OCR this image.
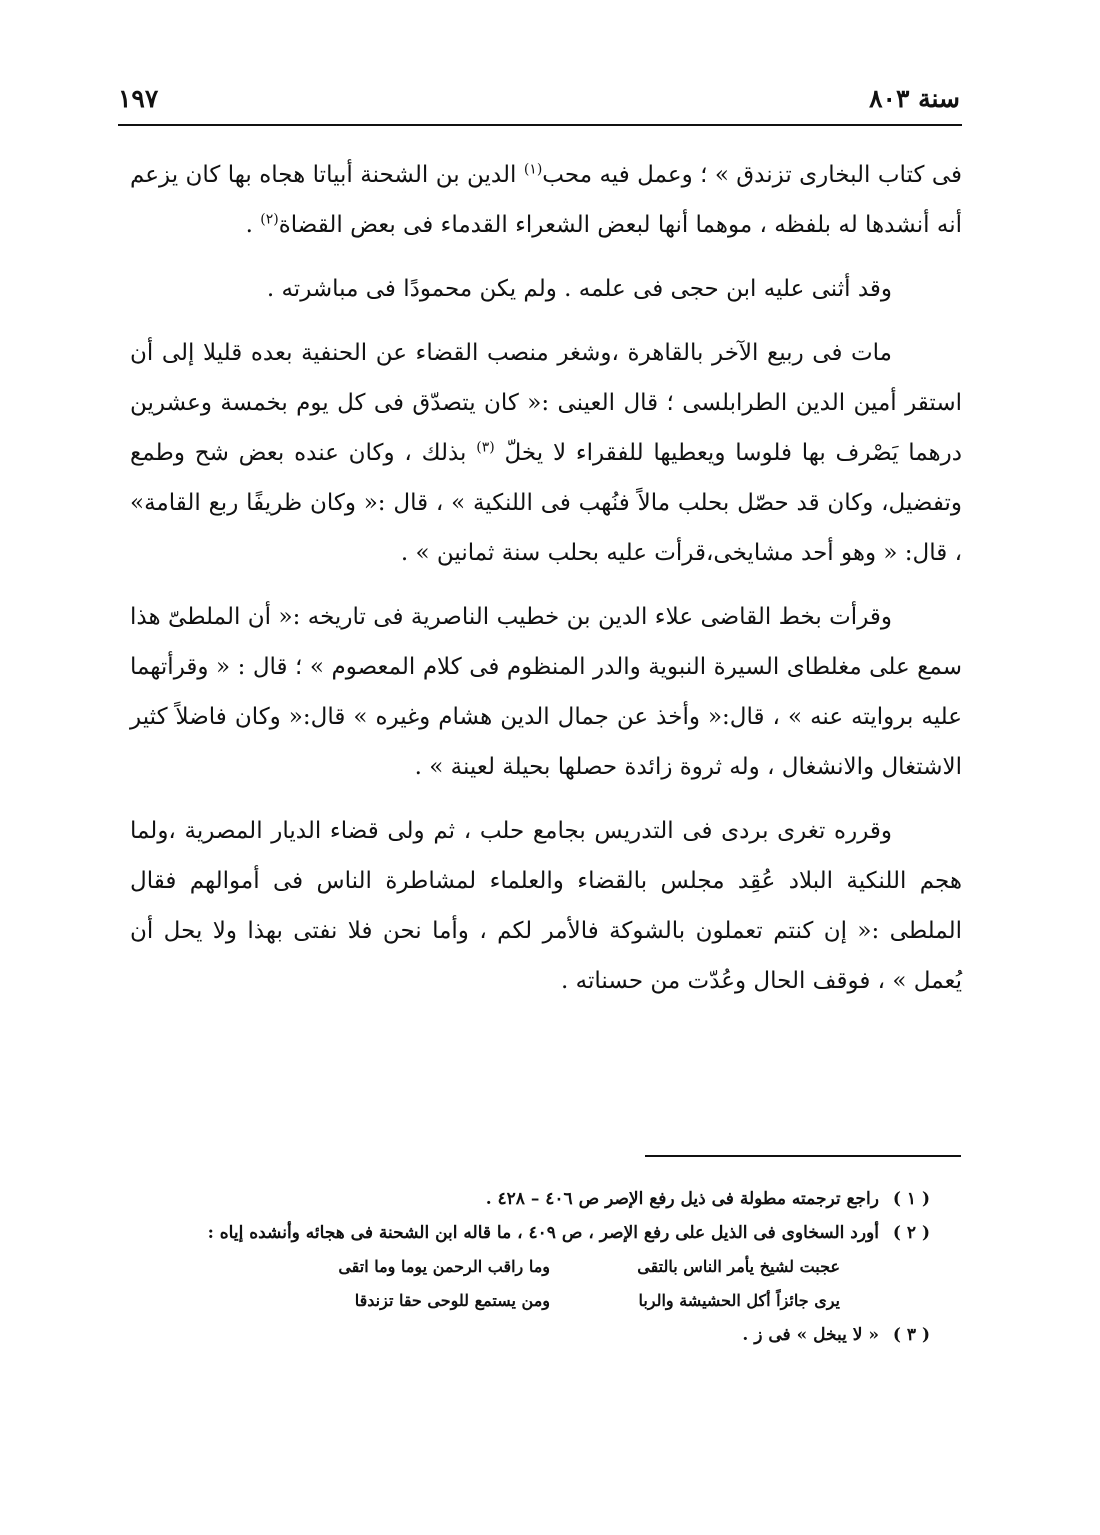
سنة ٨٠٣
١٩٧

فى كتاب البخارى تزندق » ؛ وعمل فيه محب$^{(١)}$ الدين بن الشحنة أبياتا هجاه بها كان يزعم أنه أنشدها له بلفظه ، موهما أنها لبعض الشعراء القدماء فى بعض القضاة$^{(٢)}$ .

وقد أثنى عليه ابن حجى فى علمه . ولم يكن محمودًا فى مباشرته .

مات فى ربيع الآخر بالقاهرة ،وشغر منصب القضاء عن الحنفية بعده قليلا إلى أن استقر أمين الدين الطرابلسى ؛ قال العينى :« كان يتصدّق فى كل يوم بخمسة وعشرين درهما يَصْرف بها فلوسا ويعطيها للفقراء لا يخلّ $^{(٣)}$ بذلك ، وكان عنده بعض شح وطمع وتفضيل، وكان قد حصّل بحلب مالاً فنُهب فى اللنكية » ، قال :« وكان ظريفًا ربع القامة» ، قال: « وهو أحد مشايخى،قرأت عليه بحلب سنة ثمانين » .

وقرأت بخط القاضى علاء الدين بن خطيب الناصرية فى تاريخه :« أن الملطىّ هذا سمع على مغلطاى السيرة النبوية والدر المنظوم فى كلام المعصوم » ؛ قال : « وقرأتهما عليه بروايته عنه » ، قال:« وأخذ عن جمال الدين هشام وغيره » قال:« وكان فاضلاً كثير الاشتغال والانشغال ، وله ثروة زائدة حصلها بحيلة لعينة » .

وقرره تغرى بردى فى التدريس بجامع حلب ، ثم ولى قضاء الديار المصرية ،ولما هجم اللنكية البلاد عُقِد مجلس بالقضاء والعلماء لمشاطرة الناس فى أموالهم فقال الملطى :« إن كنتم تعملون بالشوكة فالأمر لكم ، وأما نحن فلا نفتى بهذا ولا يحل أن يُعمل » ، فوقف الحال وعُدّت من حسناته .

( ١ ) راجع ترجمته مطولة فى ذيل رفع الإصر ص ٤٠٦ – ٤٢٨ .

( ٢ ) أورد السخاوى فى الذيل على رفع الإصر ، ص ٤٠٩ ، ما قاله ابن الشحنة فى هجائه وأنشده إياه :

عجبت لشيخ يأمر الناس بالتقى
وما راقب الرحمن يوما وما اتقى
يرى جائزاً أكل الحشيشة والربا
ومن يستمع للوحى حقا تزندقا

( ٣ ) « لا يبخل » فى ز .
